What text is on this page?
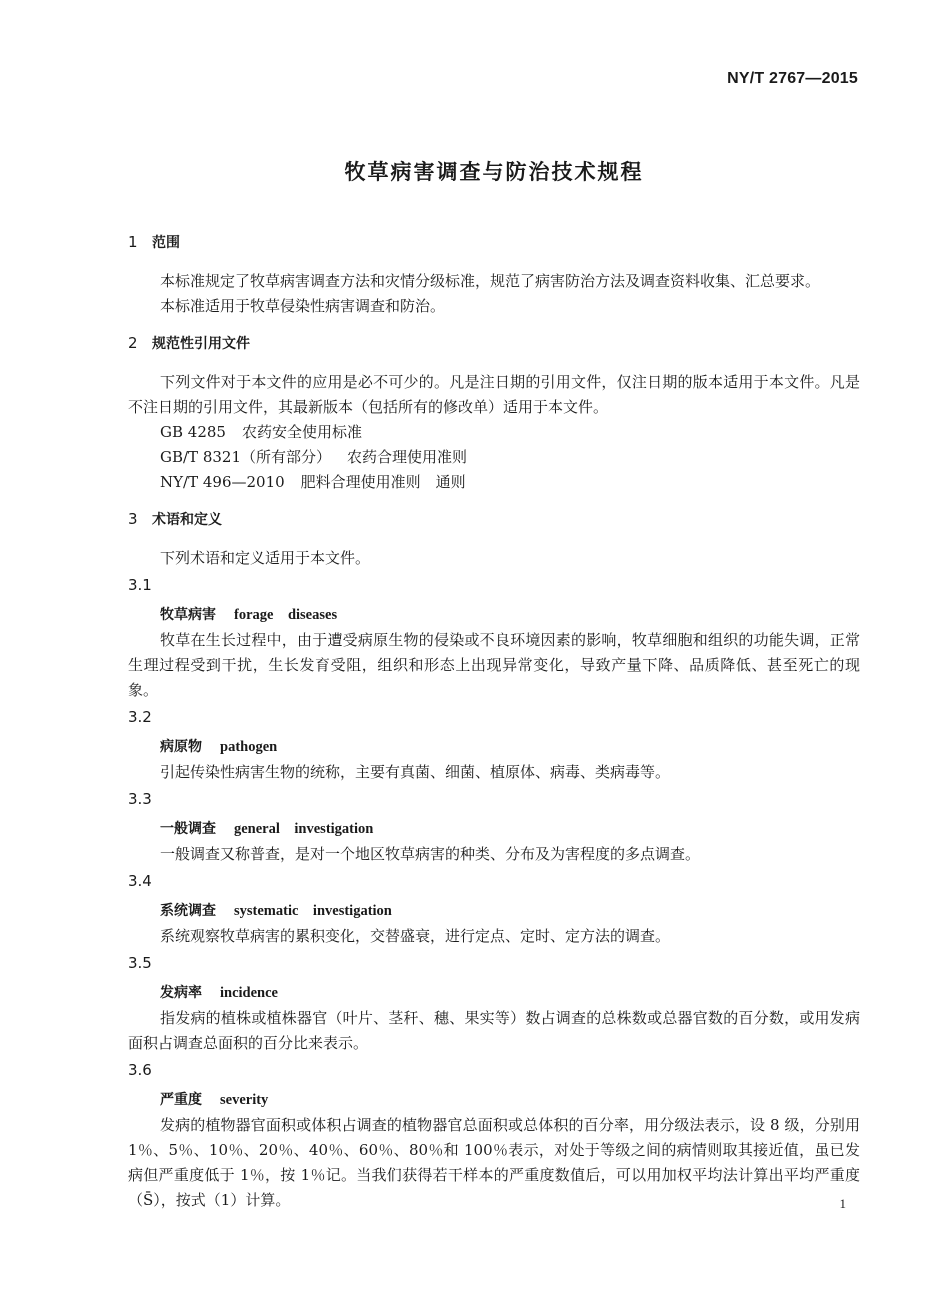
NY/T 2767—2015
牧草病害调查与防治技术规程
1 范围

本标准规定了牧草病害调查方法和灾情分级标准，规范了病害防治方法及调查资料收集、汇总要求。

本标准适用于牧草侵染性病害调查和防治。

2 规范性引用文件

下列文件对于本文件的应用是必不可少的。凡是注日期的引用文件，仅注日期的版本适用于本文件。凡是不注日期的引用文件，其最新版本（包括所有的修改单）适用于本文件。

GB 4285 农药安全使用标准

GB/T 8321（所有部分） 农药合理使用准则

NY/T 496—2010 肥料合理使用准则　通则

3 术语和定义

下列术语和定义适用于本文件。

3.1
牧草病害 forage　diseases

牧草在生长过程中，由于遭受病原生物的侵染或不良环境因素的影响，牧草细胞和组织的功能失调，正常生理过程受到干扰，生长发育受阻，组织和形态上出现异常变化，导致产量下降、品质降低、甚至死亡的现象。

3.2
病原物 pathogen

引起传染性病害生物的统称，主要有真菌、细菌、植原体、病毒、类病毒等。

3.3
一般调查 general　investigation

一般调查又称普查，是对一个地区牧草病害的种类、分布及为害程度的多点调查。

3.4
系统调查 systematic　investigation

系统观察牧草病害的累积变化，交替盛衰，进行定点、定时、定方法的调查。

3.5
发病率 incidence

指发病的植株或植株器官（叶片、茎秆、穗、果实等）数占调查的总株数或总器官数的百分数，或用发病面积占调查总面积的百分比来表示。

3.6
严重度 severity

发病的植物器官面积或体积占调查的植物器官总面积或总体积的百分率，用分级法表示，设 8 级，分别用 1％、5％、10％、20％、40％、60％、80％和 100％表示，对处于等级之间的病情则取其接近值，虽已发病但严重度低于 1％，按 1％记。当我们获得若干样本的严重度数值后，可以用加权平均法计算出平均严重度（S̄），按式（1）计算。	1
